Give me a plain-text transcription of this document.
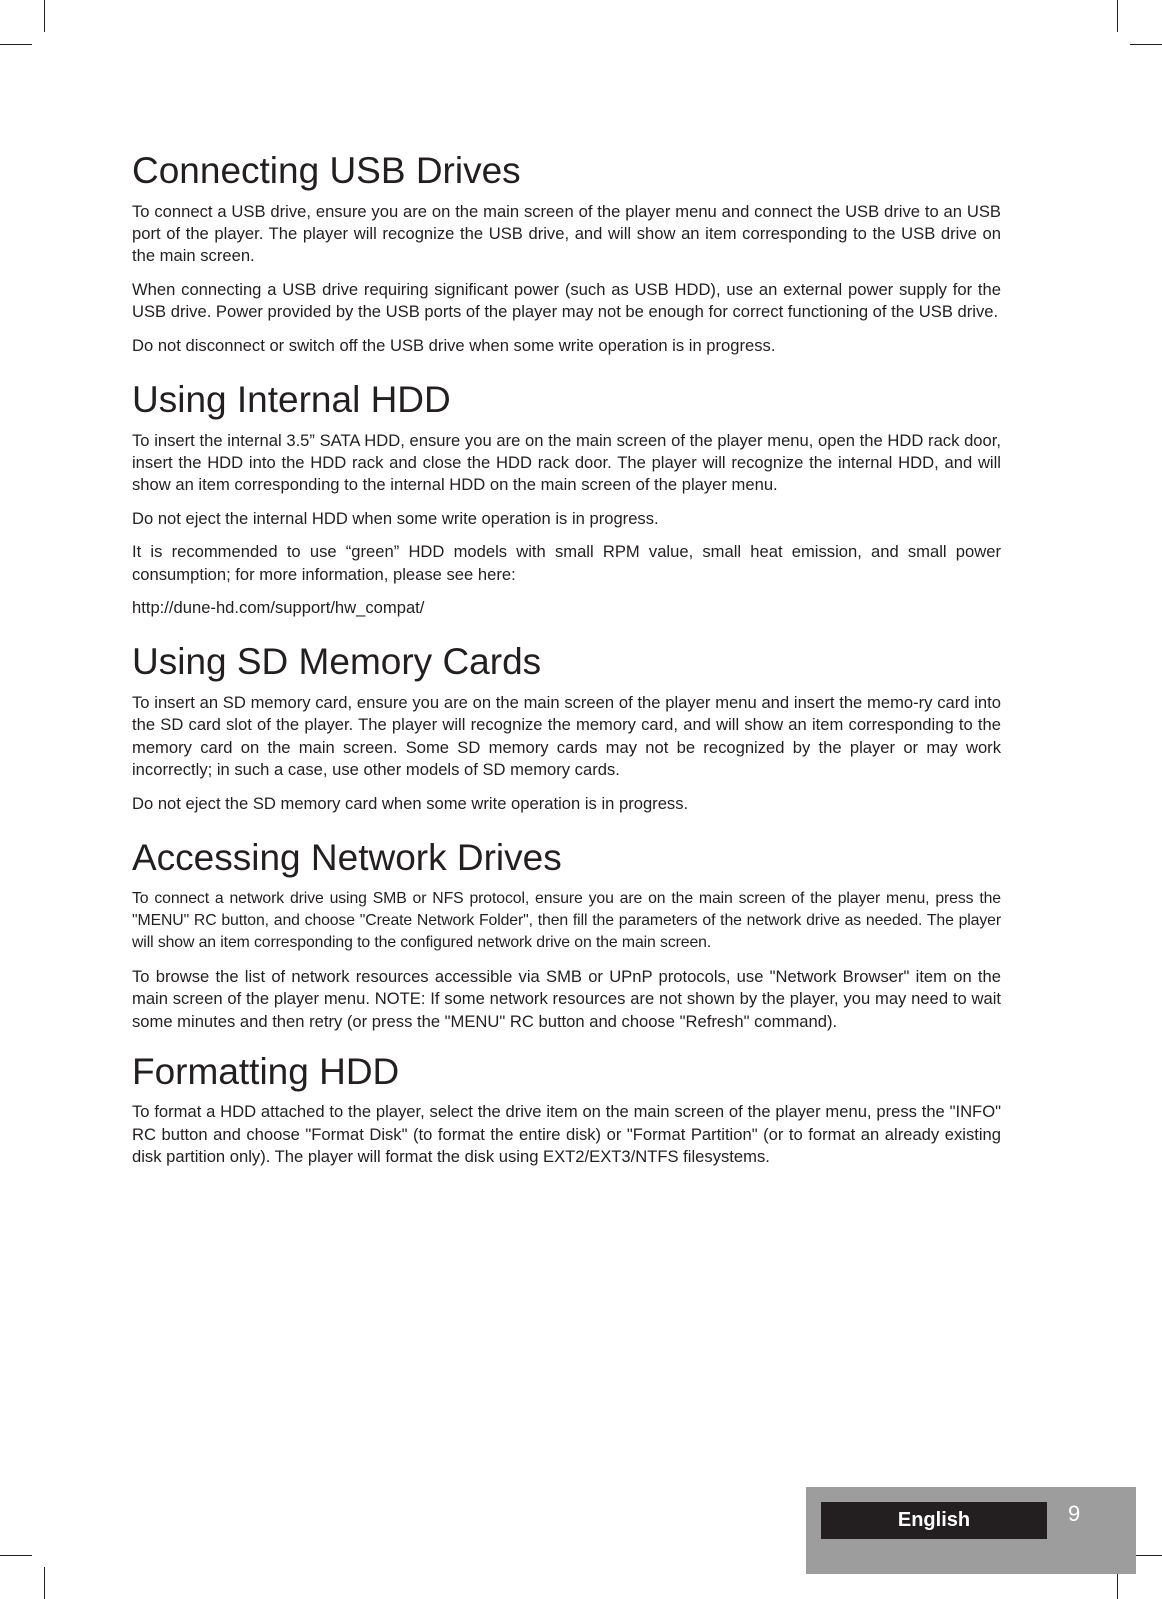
Connecting USB Drives

To connect a USB drive, ensure you are on the main screen of the player menu and connect the USB drive to an USB port of the player. The player will recognize the USB drive, and will show an item corresponding to the USB drive on the main screen.

When connecting a USB drive requiring significant power (such as USB HDD), use an external power supply for the USB drive. Power provided by the USB ports of the player may not be enough for correct functioning of the USB drive.

Do not disconnect or switch off the USB drive when some write operation is in progress.

Using Internal HDD

To insert the internal 3.5” SATA HDD, ensure you are on the main screen of the player menu, open the HDD rack door, insert the HDD into the HDD rack and close the HDD rack door. The player will recognize the internal HDD, and will show an item corresponding to the internal HDD on the main screen of the player menu.

Do not eject the internal HDD when some write operation is in progress.

It is recommended to use “green” HDD models with small RPM value, small heat emission, and small power consumption; for more information, please see here:

http://dune-hd.com/support/hw_compat/

Using SD Memory Cards

To insert an SD memory card, ensure you are on the main screen of the player menu and insert the memo-ry card into the SD card slot of the player. The player will recognize the memory card, and will show an item corresponding to the memory card on the main screen. Some SD memory cards may not be recognized by the player or may work incorrectly; in such a case, use other models of SD memory cards.

Do not eject the SD memory card when some write operation is in progress.

Accessing Network Drives

To connect a network drive using SMB or NFS protocol, ensure you are on the main screen of the player menu, press the "MENU" RC button, and choose "Create Network Folder", then fill the parameters of the network drive as needed. The player will show an item corresponding to the configured network drive on the main screen.

To browse the list of network resources accessible via SMB or UPnP protocols, use "Network Browser" item on the main screen of the player menu. NOTE: If some network resources are not shown by the player, you may need to wait some minutes and then retry (or press the "MENU" RC button and choose "Refresh" command).

Formatting HDD

To format a HDD attached to the player, select the drive item on the main screen of the player menu, press the "INFO" RC button and choose "Format Disk" (to format the entire disk) or "Format Partition" (or to format an already existing disk partition only). The player will format the disk using EXT2/EXT3/NTFS filesystems.

English	9
